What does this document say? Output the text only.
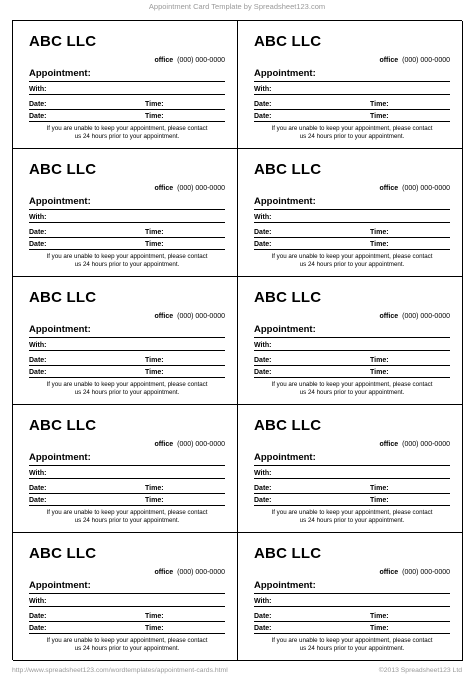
Appointment Card Template by Spreadsheet123.com
ABC LLC
office (000) 000-0000
Appointment:
With:
Date:	Time:
Date:	Time:
If you are unable to keep your appointment, please contact
us 24 hours prior to your appointment.
ABC LLC
office (000) 000-0000
Appointment:
With:
Date:	Time:
Date:	Time:
If you are unable to keep your appointment, please contact
us 24 hours prior to your appointment.
ABC LLC
office (000) 000-0000
Appointment:
With:
Date:	Time:
Date:	Time:
If you are unable to keep your appointment, please contact
us 24 hours prior to your appointment.
ABC LLC
office (000) 000-0000
Appointment:
With:
Date:	Time:
Date:	Time:
If you are unable to keep your appointment, please contact
us 24 hours prior to your appointment.
ABC LLC
office (000) 000-0000
Appointment:
With:
Date:	Time:
Date:	Time:
If you are unable to keep your appointment, please contact
us 24 hours prior to your appointment.
ABC LLC
office (000) 000-0000
Appointment:
With:
Date:	Time:
Date:	Time:
If you are unable to keep your appointment, please contact
us 24 hours prior to your appointment.
ABC LLC
office (000) 000-0000
Appointment:
With:
Date:	Time:
Date:	Time:
If you are unable to keep your appointment, please contact
us 24 hours prior to your appointment.
ABC LLC
office (000) 000-0000
Appointment:
With:
Date:	Time:
Date:	Time:
If you are unable to keep your appointment, please contact
us 24 hours prior to your appointment.
ABC LLC
office (000) 000-0000
Appointment:
With:
Date:	Time:
Date:	Time:
If you are unable to keep your appointment, please contact
us 24 hours prior to your appointment.
ABC LLC
office (000) 000-0000
Appointment:
With:
Date:	Time:
Date:	Time:
If you are unable to keep your appointment, please contact
us 24 hours prior to your appointment.
http://www.spreadsheet123.com/wordtemplates/appointment-cards.html	©2013 Spreadsheet123 Ltd
